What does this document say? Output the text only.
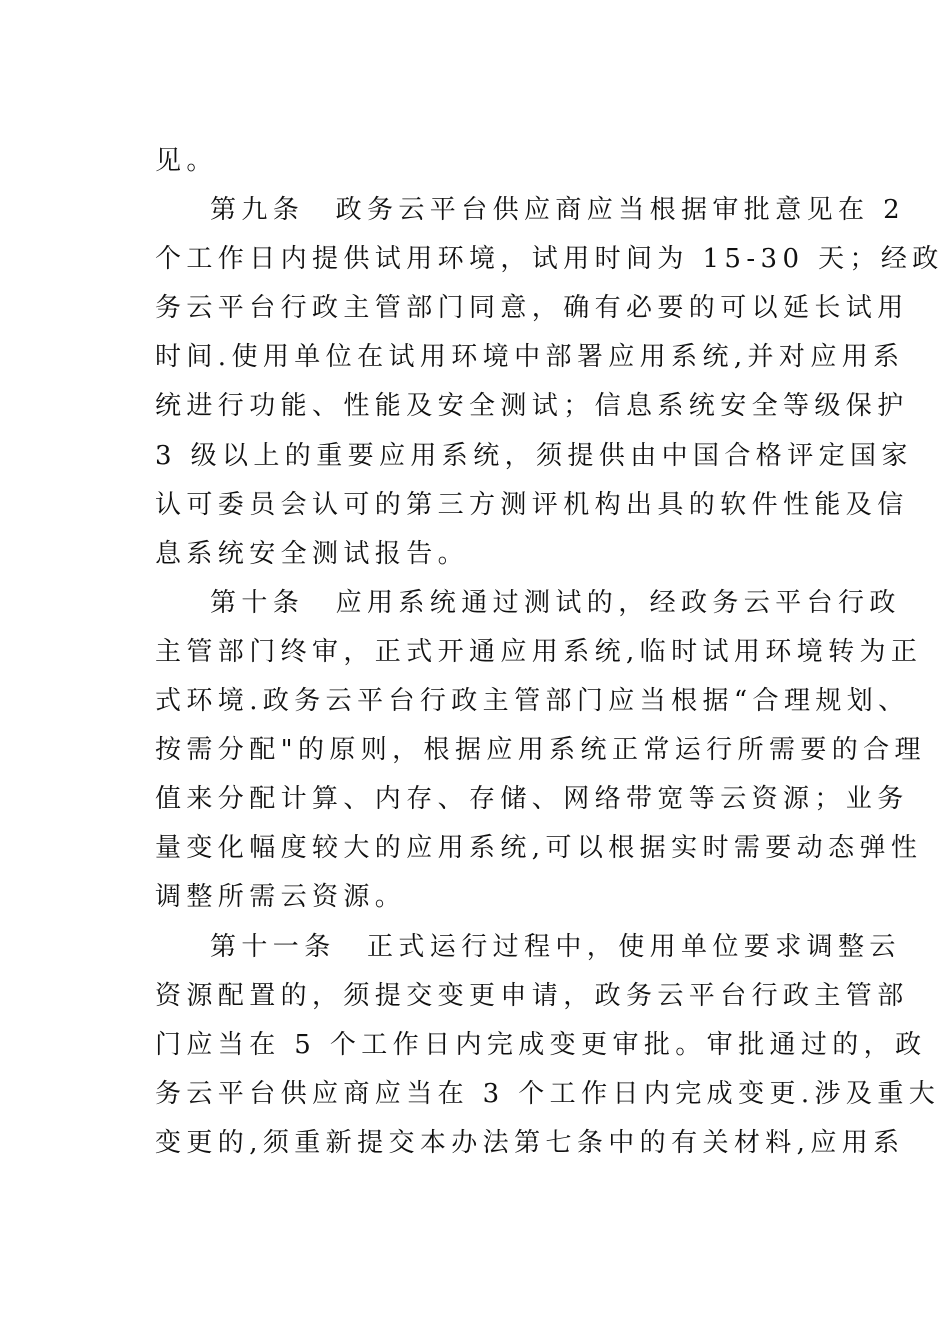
见。
第九条　政务云平台供应商应当根据审批意见在 2
个工作日内提供试用环境，试用时间为 15-30 天；经政
务云平台行政主管部门同意，确有必要的可以延长试用
时间.使用单位在试用环境中部署应用系统,并对应用系
统进行功能、性能及安全测试；信息系统安全等级保护
3 级以上的重要应用系统，须提供由中国合格评定国家
认可委员会认可的第三方测评机构出具的软件性能及信
息系统安全测试报告。
第十条　应用系统通过测试的，经政务云平台行政
主管部门终审，正式开通应用系统,临时试用环境转为正
式环境.政务云平台行政主管部门应当根据“合理规划、
按需分配"的原则，根据应用系统正常运行所需要的合理
值来分配计算、内存、存储、网络带宽等云资源；业务
量变化幅度较大的应用系统,可以根据实时需要动态弹性
调整所需云资源。
第十一条　正式运行过程中，使用单位要求调整云
资源配置的，须提交变更申请，政务云平台行政主管部
门应当在 5 个工作日内完成变更审批。审批通过的，政
务云平台供应商应当在 3 个工作日内完成变更.涉及重大
变更的,须重新提交本办法第七条中的有关材料,应用系
